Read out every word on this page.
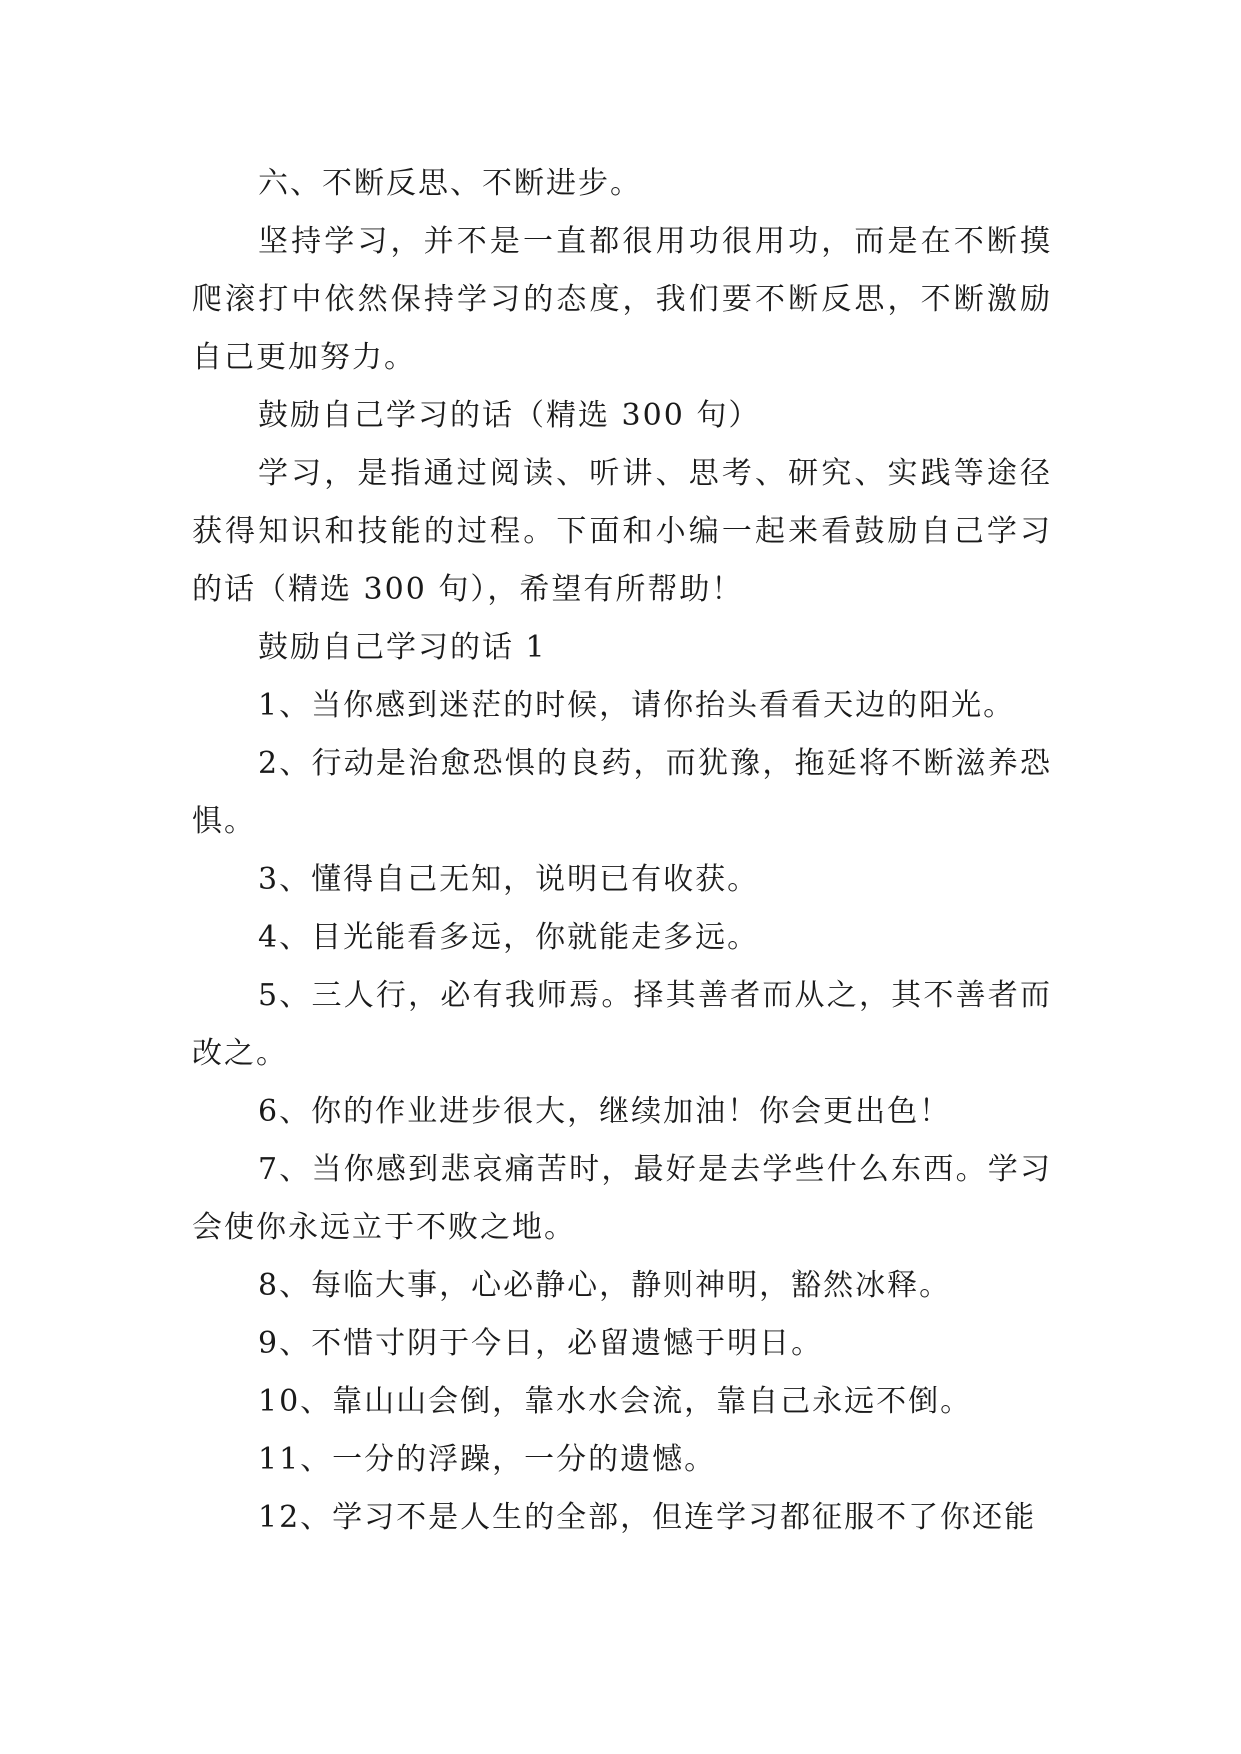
六、不断反思、不断进步。

坚持学习，并不是一直都很用功很用功，而是在不断摸爬滚打中依然保持学习的态度，我们要不断反思，不断激励自己更加努力。

鼓励自己学习的话（精选 300 句）

学习，是指通过阅读、听讲、思考、研究、实践等途径获得知识和技能的过程。下面和小编一起来看鼓励自己学习的话（精选 300 句），希望有所帮助！

鼓励自己学习的话 1

1、当你感到迷茫的时候，请你抬头看看天边的阳光。

2、行动是治愈恐惧的良药，而犹豫，拖延将不断滋养恐惧。

3、懂得自己无知，说明已有收获。

4、目光能看多远，你就能走多远。

5、三人行，必有我师焉。择其善者而从之，其不善者而改之。

6、你的作业进步很大，继续加油！你会更出色！

7、当你感到悲哀痛苦时，最好是去学些什么东西。学习会使你永远立于不败之地。

8、每临大事，心必静心，静则神明，豁然冰释。

9、不惜寸阴于今日，必留遗憾于明日。

10、靠山山会倒，靠水水会流，靠自己永远不倒。

11、一分的浮躁，一分的遗憾。

12、学习不是人生的全部，但连学习都征服不了你还能
